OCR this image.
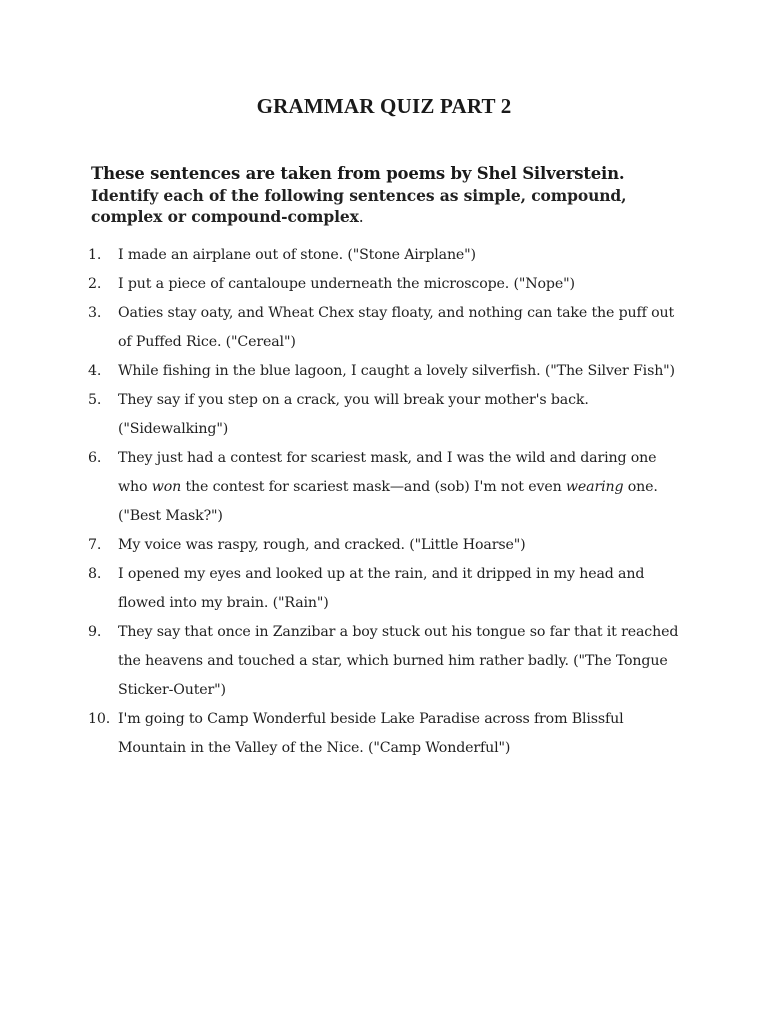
GRAMMAR QUIZ PART 2

These sentences are taken from poems by Shel Silverstein.

Identify each of the following sentences as simple, compound, complex or compound-complex.

1.	I made an airplane out of stone. ("Stone Airplane")
2.	I put a piece of cantaloupe underneath the microscope. ("Nope")
3.	Oaties stay oaty, and Wheat Chex stay floaty, and nothing can take the puff out of Puffed Rice. ("Cereal")
4.	While fishing in the blue lagoon, I caught a lovely silverfish. ("The Silver Fish")
5.	They say if you step on a crack, you will break your mother's back. ("Sidewalking")
6.	They just had a contest for scariest mask, and I was the wild and daring one who won the contest for scariest mask—and (sob) I'm not even wearing one. ("Best Mask?")
7.	My voice was raspy, rough, and cracked. ("Little Hoarse")
8.	I opened my eyes and looked up at the rain, and it dripped in my head and flowed into my brain. ("Rain")
9.	They say that once in Zanzibar a boy stuck out his tongue so far that it reached the heavens and touched a star, which burned him rather badly. ("The Tongue Sticker-Outer")
10. I'm going to Camp Wonderful beside Lake Paradise across from Blissful Mountain in the Valley of the Nice. ("Camp Wonderful")
